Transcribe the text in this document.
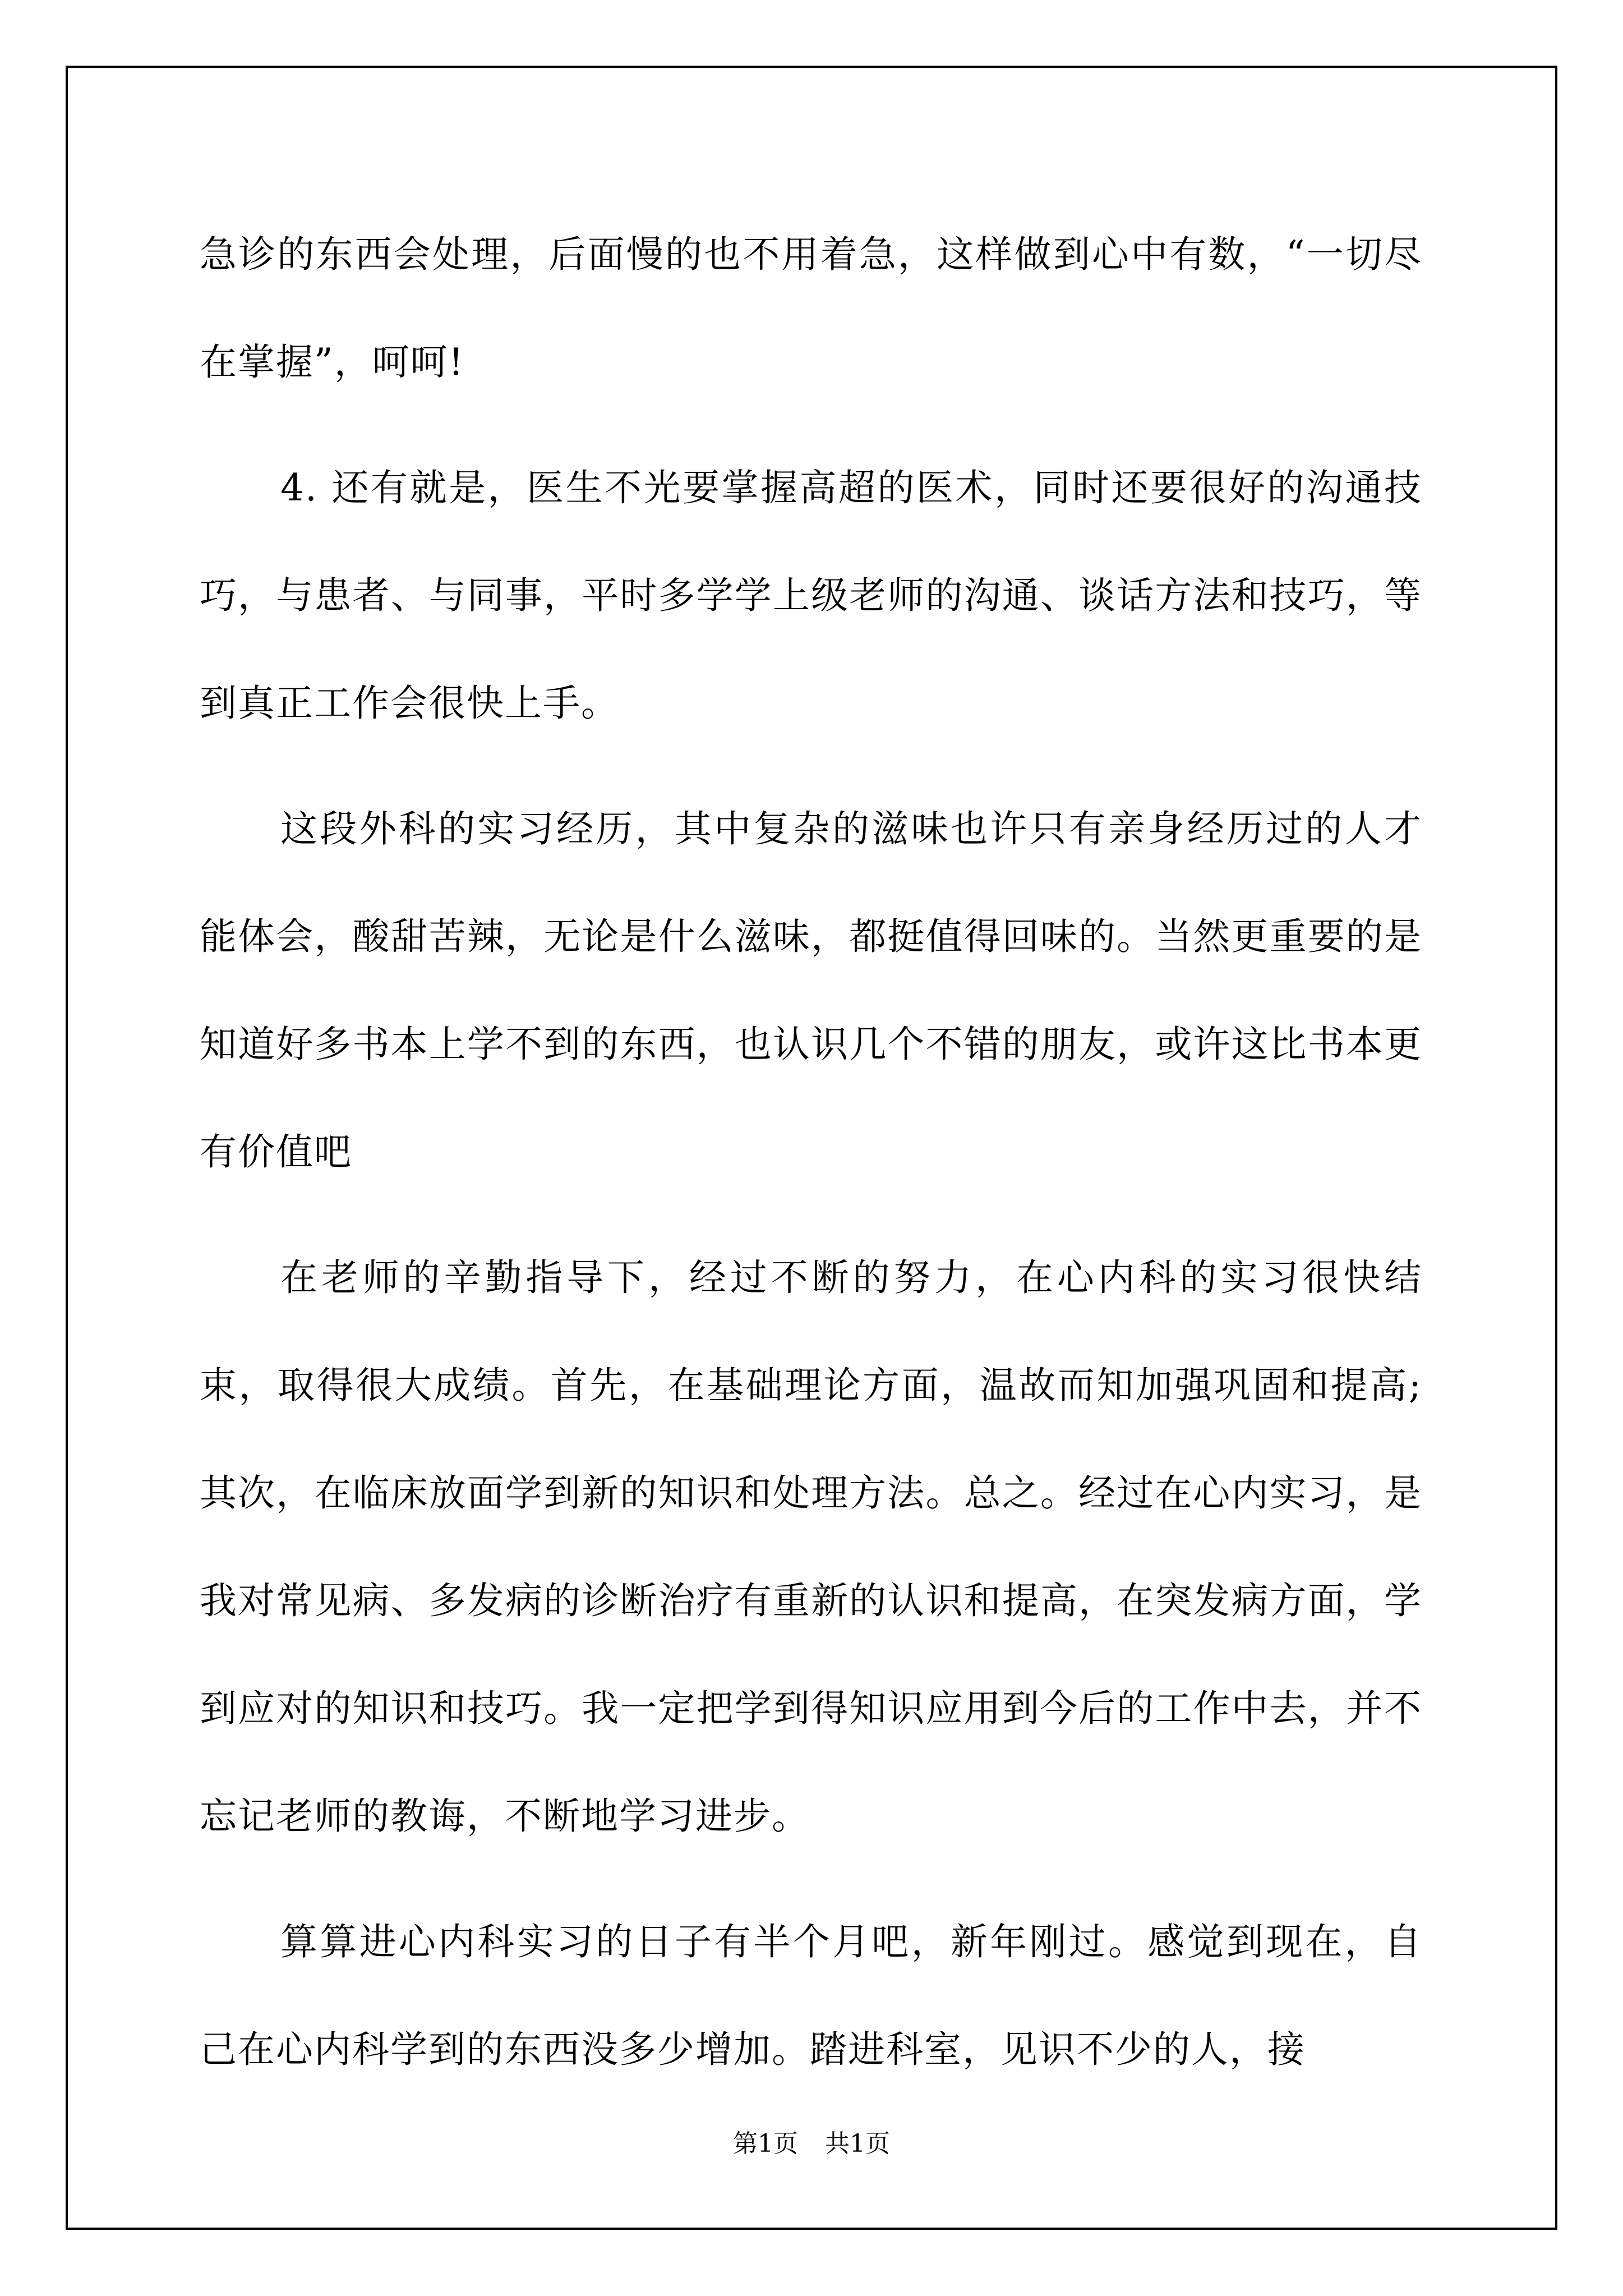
急诊的东西会处理，后面慢的也不用着急，这样做到心中有数，“一切尽在掌握”，呵呵!

4. 还有就是，医生不光要掌握高超的医术，同时还要很好的沟通技巧，与患者、与同事，平时多学学上级老师的沟通、谈话方法和技巧，等到真正工作会很快上手。

这段外科的实习经历，其中复杂的滋味也许只有亲身经历过的人才能体会，酸甜苦辣，无论是什么滋味，都挺值得回味的。当然更重要的是知道好多书本上学不到的东西，也认识几个不错的朋友，或许这比书本更有价值吧

在老师的辛勤指导下，经过不断的努力，在心内科的实习很快结束，取得很大成绩。首先，在基础理论方面，温故而知加强巩固和提高;其次，在临床放面学到新的知识和处理方法。总之。经过在心内实习，是我对常见病、多发病的诊断治疗有重新的认识和提高，在突发病方面，学到应对的知识和技巧。我一定把学到得知识应用到今后的工作中去，并不忘记老师的教诲，不断地学习进步。

算算进心内科实习的日子有半个月吧，新年刚过。感觉到现在，自己在心内科学到的东西没多少增加。踏进科室，见识不少的人，接

第1页 共1页
